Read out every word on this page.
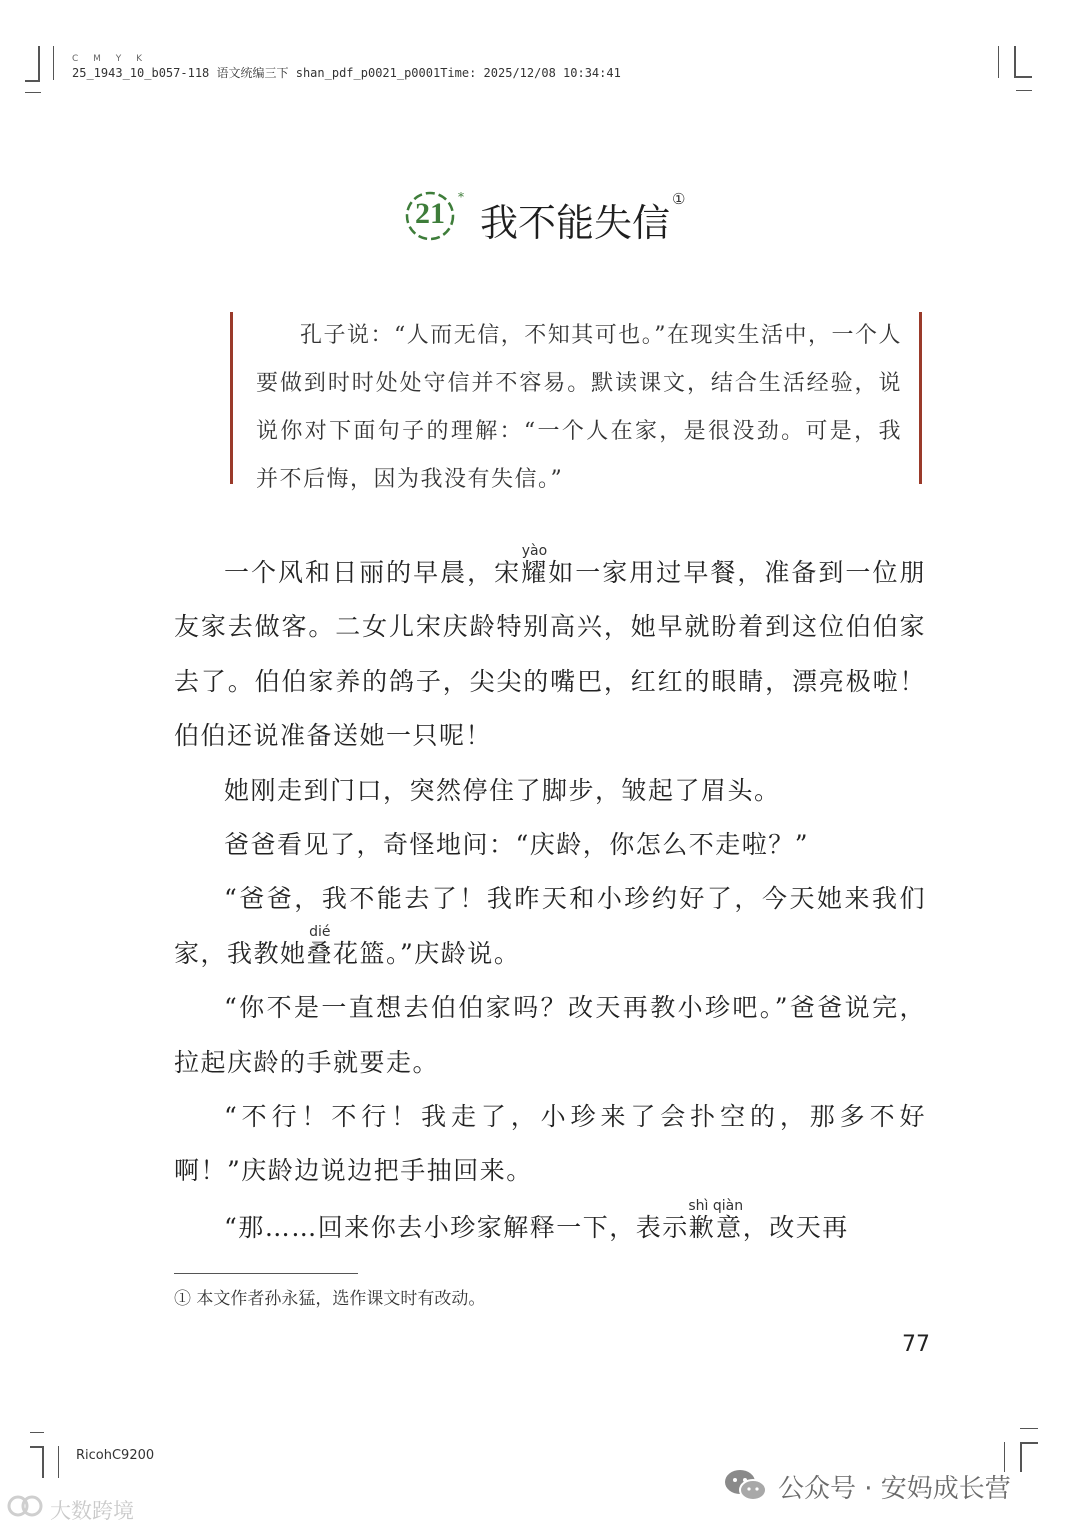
C M Y K
25_1943_10_b057-118 语文统编三下 shan_pdf_p0021_p0001Time: 2025/12/08 10:34:41
21	*
我不能失信
①
孔子说：“人而无信，不知其可也。”在现实生活中，一个人要做到时时处处守信并不容易。默读课文，结合生活经验，说说你对下面句子的理解：“一个人在家，是很没劲。可是，我并不后悔，因为我没有失信。”

一个风和日丽的早晨，宋耀yào如一家用过早餐，准备到一位朋友家去做客。二女儿宋庆龄特别高兴，她早就盼着到这位伯伯家去了。伯伯家养的鸽子，尖尖的嘴巴，红红的眼睛，漂亮极啦！伯伯还说准备送她一只呢！

她刚走到门口，突然停住了脚步，皱起了眉头。

爸爸看见了，奇怪地问：“庆龄，你怎么不走啦？”

“爸爸，我不能去了！我昨天和小珍约好了，今天她来我们家，我教她叠dié花篮。”庆龄说。

“你不是一直想去伯伯家吗？改天再教小珍吧。”爸爸说完，拉起庆龄的手就要走。

“不行！不行！我走了，小珍来了会扑空的，那多不好啊！”庆龄边说边把手抽回来。

“那……回来你去小珍家解释一下，表示歉意shì qiàn，改天再

① 本文作者孙永猛，选作课文时有改动。
77
RicohC9200
大数跨境
公众号 · 安妈成长营
